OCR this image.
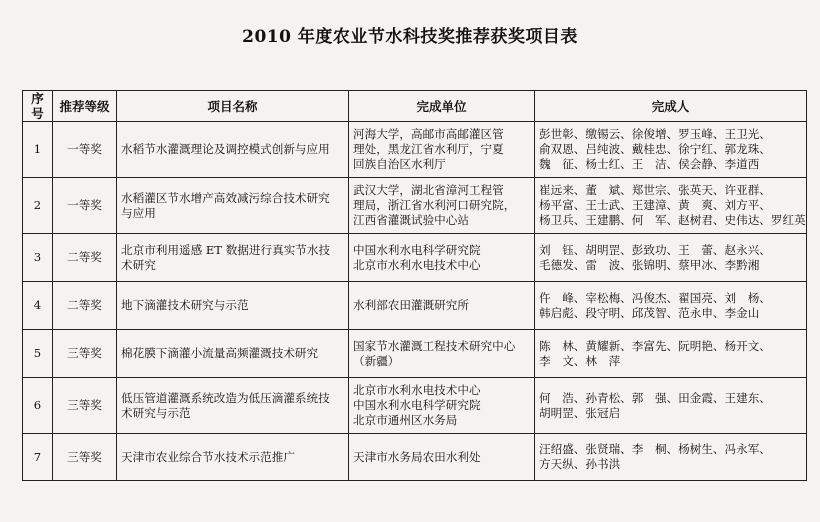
2010 年度农业节水科技奖推荐获奖项目表
序号	推荐等级	项目名称	完成单位	完成人
1	一等奖	水稻节水灌溉理论及调控模式创新与应用	河海大学，高邮市高邮灌区管
理处，黑龙江省水利厅，宁夏
回族自治区水利厅	彭世彰、缴锡云、徐俊增、罗玉峰、王卫光、
俞双恩、吕纯波、戴桂忠、徐宁红、郭龙珠、
魏　征、杨士红、王　洁、侯会静、李道西

2	一等奖	水稻灌区节水增产高效减污综合技术研究
与应用	武汉大学，湖北省漳河工程管
理局，浙江省水利河口研究院，
江西省灌溉试验中心站	崔远来、董　斌、郑世宗、张英天、许亚群、
杨平富、王士武、王建漳、黄　爽、刘方平、
杨卫兵、王建鹏、何　军、赵树君、史伟达、罗红英

3	二等奖	北京市利用遥感 ET 数据进行真实节水技
术研究	中国水利水电科学研究院
北京市水利水电技术中心	刘　钰、胡明罡、彭致功、王　蕾、赵永兴、
毛德发、雷　波、张锦明、蔡甲冰、李黔湘

4	二等奖	地下滴灌技术研究与示范	水利部农田灌溉研究所	仵　峰、宰松梅、冯俊杰、翟国亮、刘　杨、
韩启彪、段守明、邱茂智、范永申、李金山

5	三等奖	棉花膜下滴灌小流量高频灌溉技术研究	国家节水灌溉工程技术研究中心
（新疆）	陈　林、黄耀新、李富先、阮明艳、杨开文、
李　文、林　萍

6	三等奖	低压管道灌溉系统改造为低压滴灌系统技
术研究与示范	北京市水利水电技术中心
中国水利水电科学研究院
北京市通州区水务局	何　浩、孙青松、郭　强、田金霞、王建东、
胡明罡、张冠启

7	三等奖	天津市农业综合节水技术示范推广	天津市水务局农田水利处	汪绍盛、张贤瑞、李　桐、杨树生、冯永军、
方天纵、孙书洪
